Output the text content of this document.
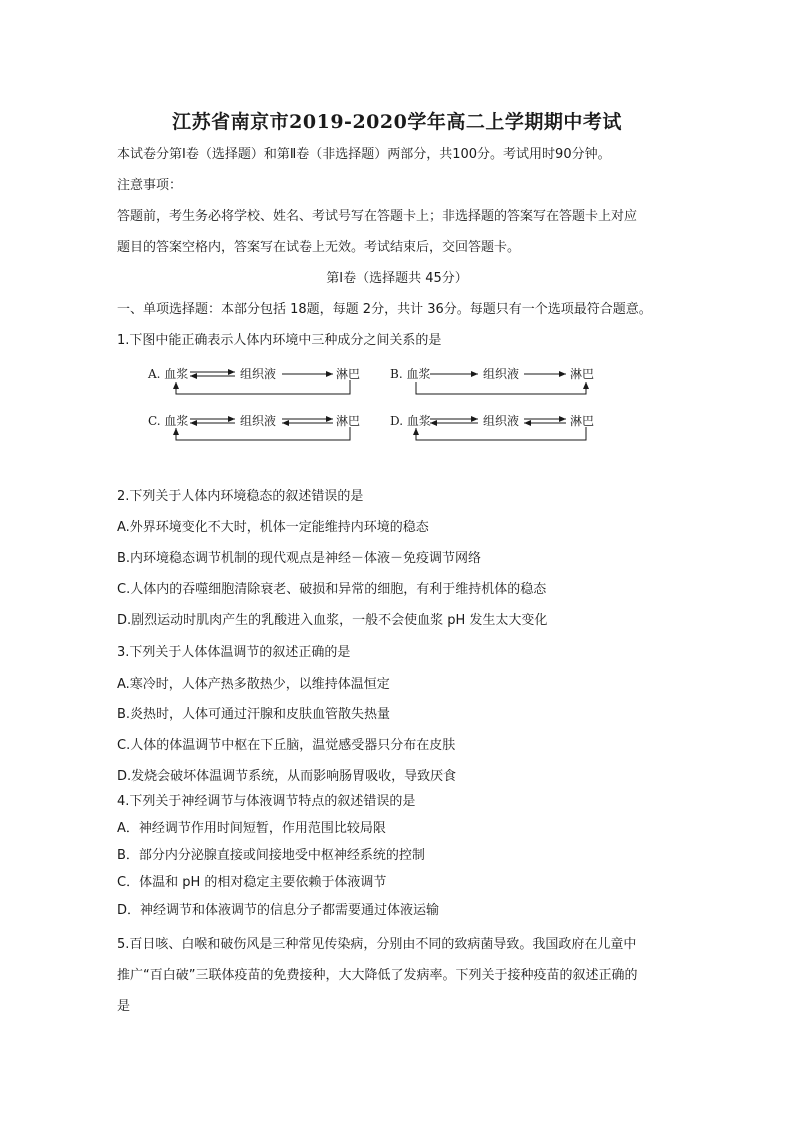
江苏省南京市2019-2020学年高二上学期期中考试
本试卷分第Ⅰ卷（选择题）和第Ⅱ卷（非选择题）两部分，共100分。考试用时90分钟。
注意事项：
答题前，考生务必将学校、姓名、考试号写在答题卡上；非选择题的答案写在答题卡上对应
题目的答案空格内，答案写在试卷上无效。考试结束后，交回答题卡。
第Ⅰ卷（选择题共 45分）
一、单项选择题：本部分包括 18题，每题 2分，共计 36分。每题只有一个选项最符合题意。
1.下图中能正确表示人体内环境中三种成分之间关系的是
A. 血浆	组织液	淋巴 B. 血浆	组织液	淋巴
C. 血浆	组织液	淋巴 D. 血浆	组织液	淋巴
2.下列关于人体内环境稳态的叙述错误的是
A.外界环境变化不大时，机体一定能维持内环境的稳态
B.内环境稳态调节机制的现代观点是神经－体液－免疫调节网络
C.人体内的吞噬细胞清除衰老、破损和异常的细胞，有利于维持机体的稳态
D.剧烈运动时肌肉产生的乳酸进入血浆，一般不会使血浆 pH 发生太大变化
3.下列关于人体体温调节的叙述正确的是
A.寒冷时，人体产热多散热少，以维持体温恒定
B.炎热时，人体可通过汗腺和皮肤血管散失热量
C.人体的体温调节中枢在下丘脑，温觉感受器只分布在皮肤
D.发烧会破坏体温调节系统，从而影响肠胃吸收，导致厌食
4.下列关于神经调节与体液调节特点的叙述错误的是
A．神经调节作用时间短暂，作用范围比较局限
B．部分内分泌腺直接或间接地受中枢神经系统的控制
C．体温和 pH 的相对稳定主要依赖于体液调节
D．神经调节和体液调节的信息分子都需要通过体液运输
5.百日咳、白喉和破伤风是三种常见传染病，分别由不同的致病菌导致。我国政府在儿童中
推广“百白破”三联体疫苗的免费接种，大大降低了发病率。下列关于接种疫苗的叙述正确的
是
